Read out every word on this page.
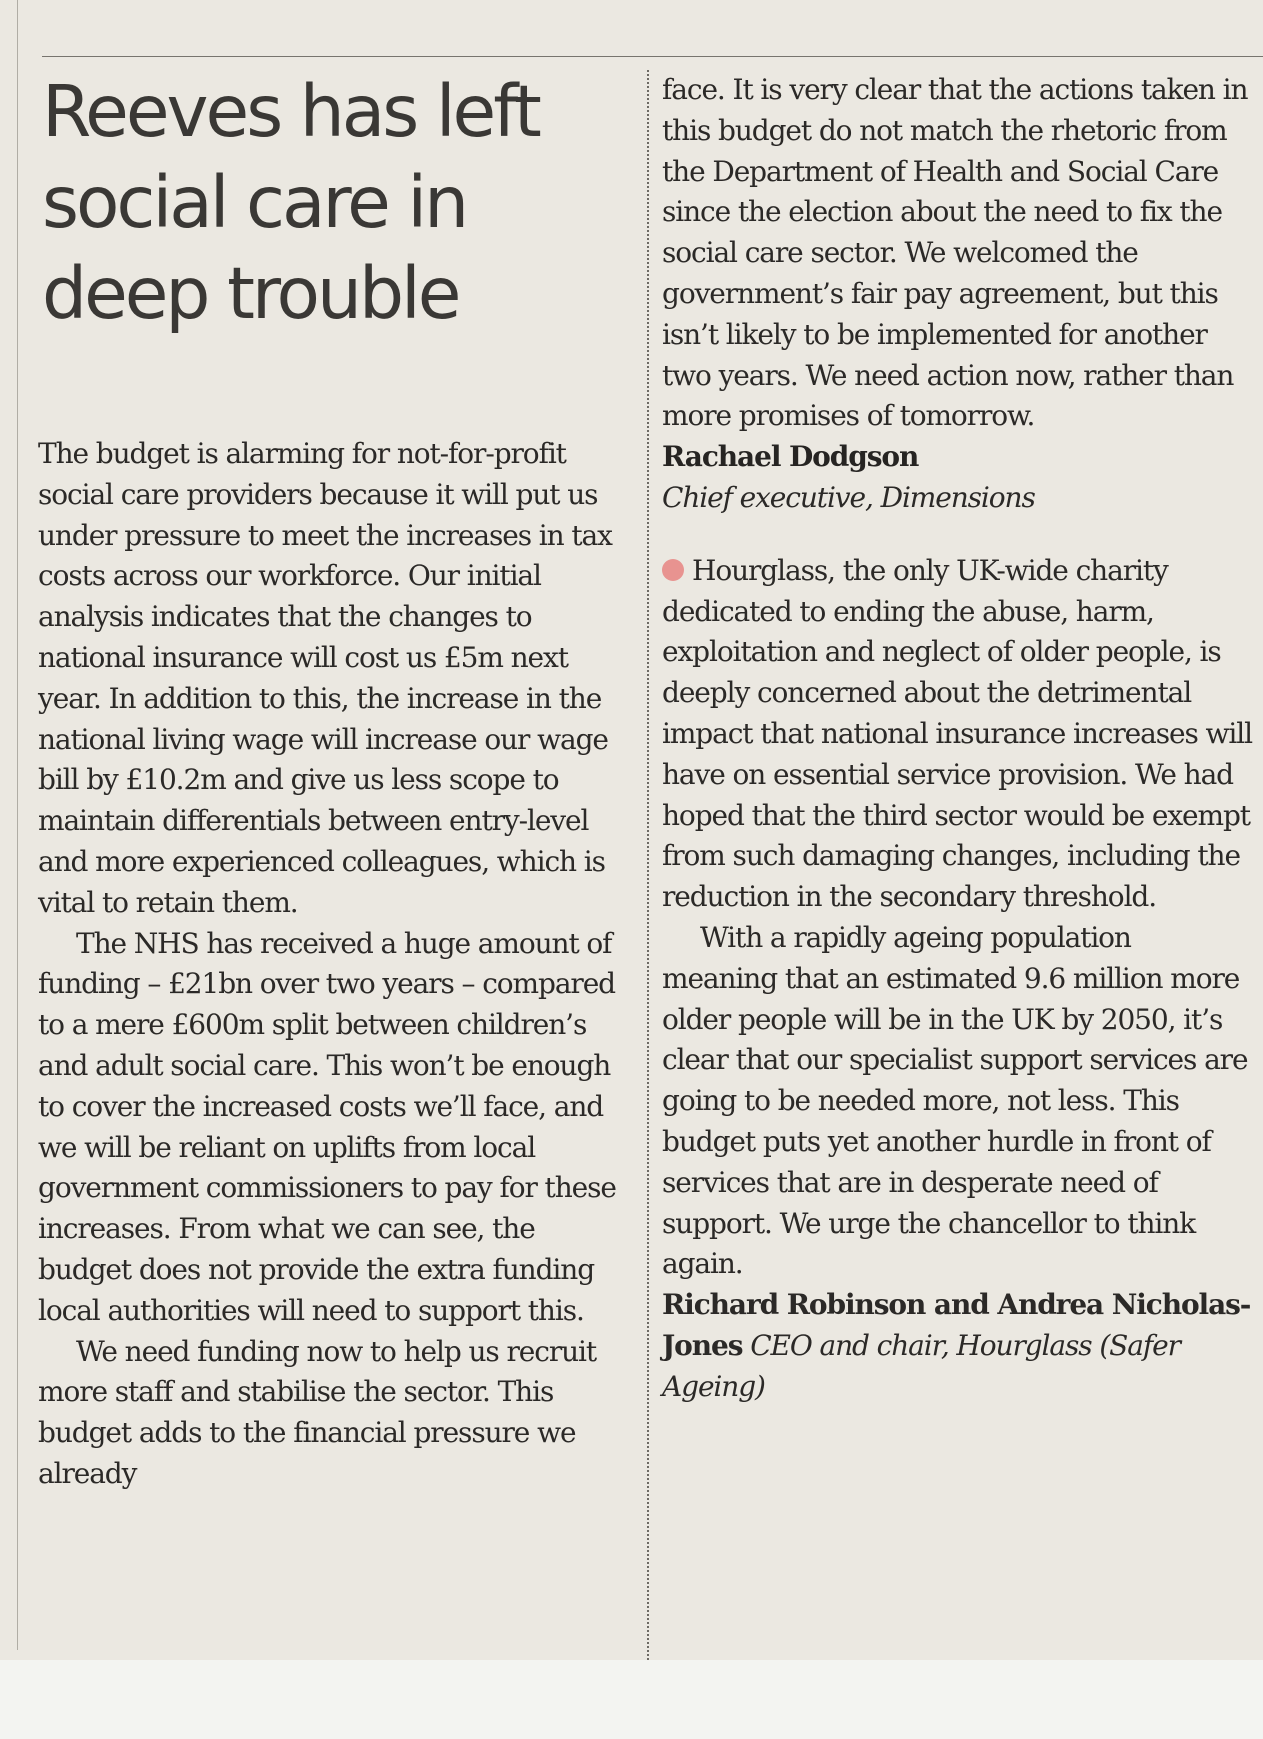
Reeves has left social care in deep trouble

The budget is alarming for not-for-profit social care providers because it will put us under pressure to meet the increases in tax costs across our workforce. Our initial analysis indicates that the changes to national insurance will cost us £5m next year. In addition to this, the increase in the national living wage will increase our wage bill by £10.2m and give us less scope to maintain differentials between entry-level and more experienced colleagues, which is vital to retain them.

The NHS has received a huge amount of funding – £21bn over two years – compared to a mere £600m split between children’s and adult social care. This won’t be enough to cover the increased costs we’ll face, and we will be reliant on uplifts from local government commissioners to pay for these increases. From what we can see, the budget does not provide the extra funding local authorities will need to support this.

We need funding now to help us recruit more staff and stabilise the sector. This budget adds to the financial pressure we already

face. It is very clear that the actions taken in this budget do not match the rhetoric from the Department of Health and Social Care since the election about the need to fix the social care sector. We welcomed the government’s fair pay agreement, but this isn’t likely to be implemented for another two years. We need action now, rather than more promises of tomorrow.

Rachael Dodgson
Chief executive, Dimensions

Hourglass, the only UK-wide charity dedicated to ending the abuse, harm, exploitation and neglect of older people, is deeply concerned about the detrimental impact that national insurance increases will have on essential service provision. We had hoped that the third sector would be exempt from such damaging changes, including the reduction in the secondary threshold.

With a rapidly ageing population meaning that an estimated 9.6 million more older people will be in the UK by 2050, it’s clear that our specialist support services are going to be needed more, not less. This budget puts yet another hurdle in front of services that are in desperate need of support. We urge the chancellor to think again.

Richard Robinson and Andrea Nicholas-Jones CEO and chair, Hourglass (Safer Ageing)
